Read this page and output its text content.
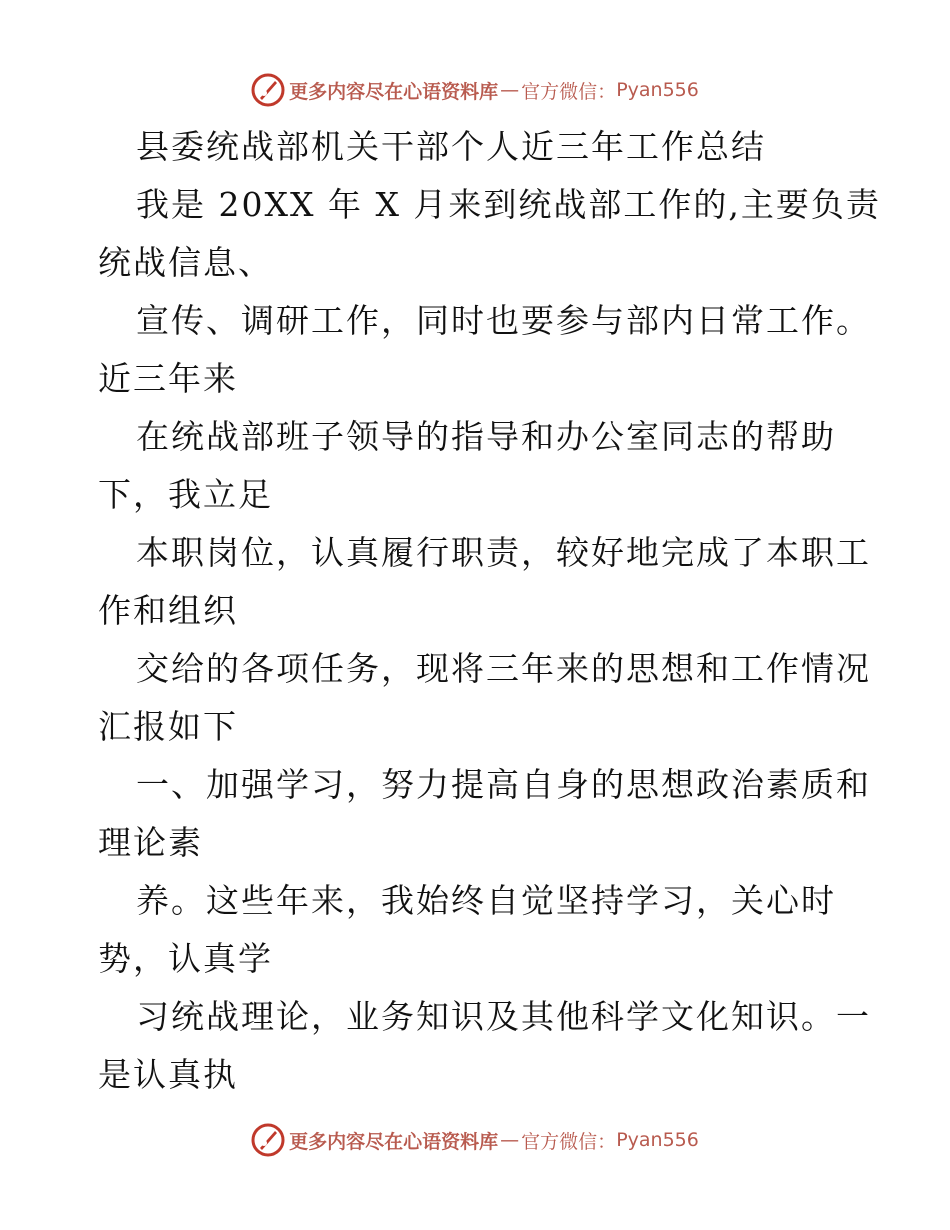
更多内容尽在心语资料库 — 官方微信： Pyan556
县委统战部机关干部个人近三年工作总结
我是 20XX 年 X 月来到统战部工作的,主要负责
统战信息、
宣传、调研工作，同时也要参与部内日常工作。
近三年来
在统战部班子领导的指导和办公室同志的帮助
下，我立足
本职岗位，认真履行职责，较好地完成了本职工
作和组织
交给的各项任务，现将三年来的思想和工作情况
汇报如下
一、加强学习，努力提高自身的思想政治素质和
理论素
养。这些年来，我始终自觉坚持学习，关心时
势，认真学
习统战理论，业务知识及其他科学文化知识。一
是认真执
更多内容尽在心语资料库 — 官方微信： Pyan556
